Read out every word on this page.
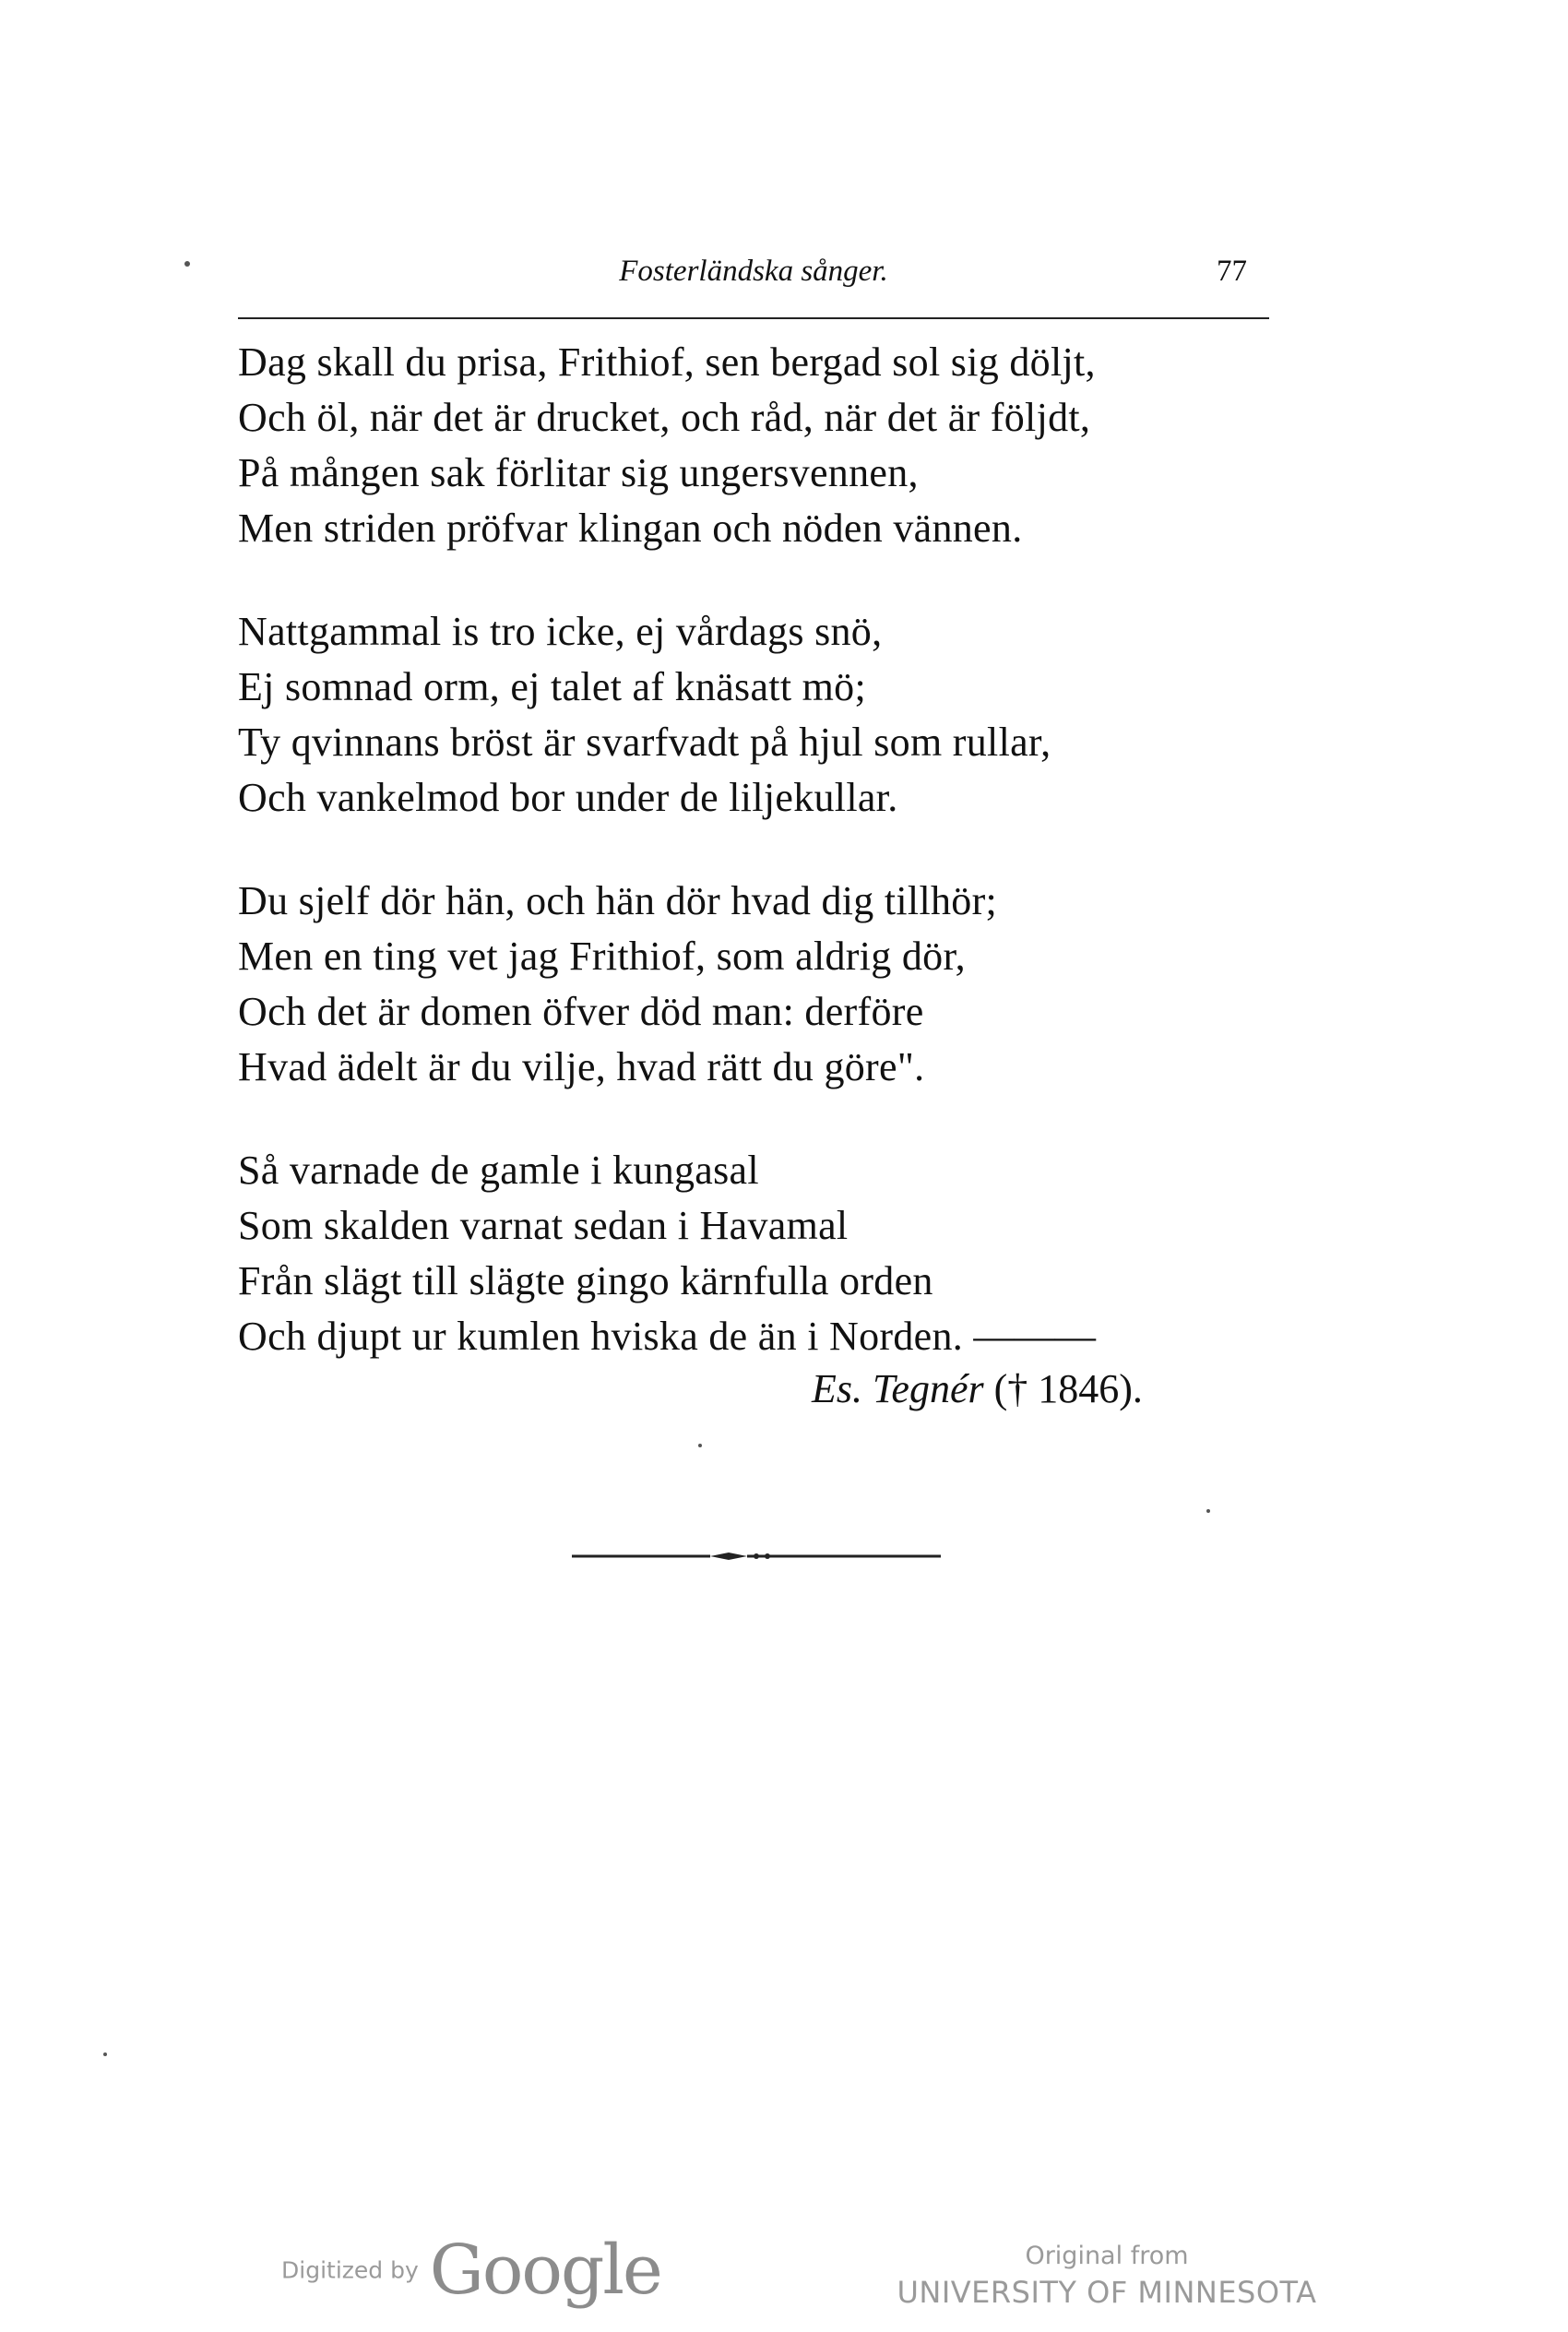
Fosterländska sånger.	77
Dag skall du prisa, Frithiof, sen bergad sol sig döljt,
Och öl, när det är drucket, och råd, när det är följdt,
På mången sak förlitar sig ungersvennen,
Men striden pröfvar klingan och nöden vännen.
Nattgammal is tro icke, ej vårdags snö,
Ej somnad orm, ej talet af knäsatt mö;
Ty qvinnans bröst är svarfvadt på hjul som rullar,
Och vankelmod bor under de liljekullar.
Du sjelf dör hän, och hän dör hvad dig tillhör;
Men en ting vet jag Frithiof, som aldrig dör,
Och det är domen öfver död man: derföre
Hvad ädelt är du vilje, hvad rätt du göre".
Så varnade de gamle i kungasal
Som skalden varnat sedan i Havamal
Från slägt till slägte gingo kärnfulla orden
Och djupt ur kumlen hviska de än i Norden. ———
Es. Tegnér († 1846).
Digitized by Google	Original from
UNIVERSITY OF MINNESOTA
